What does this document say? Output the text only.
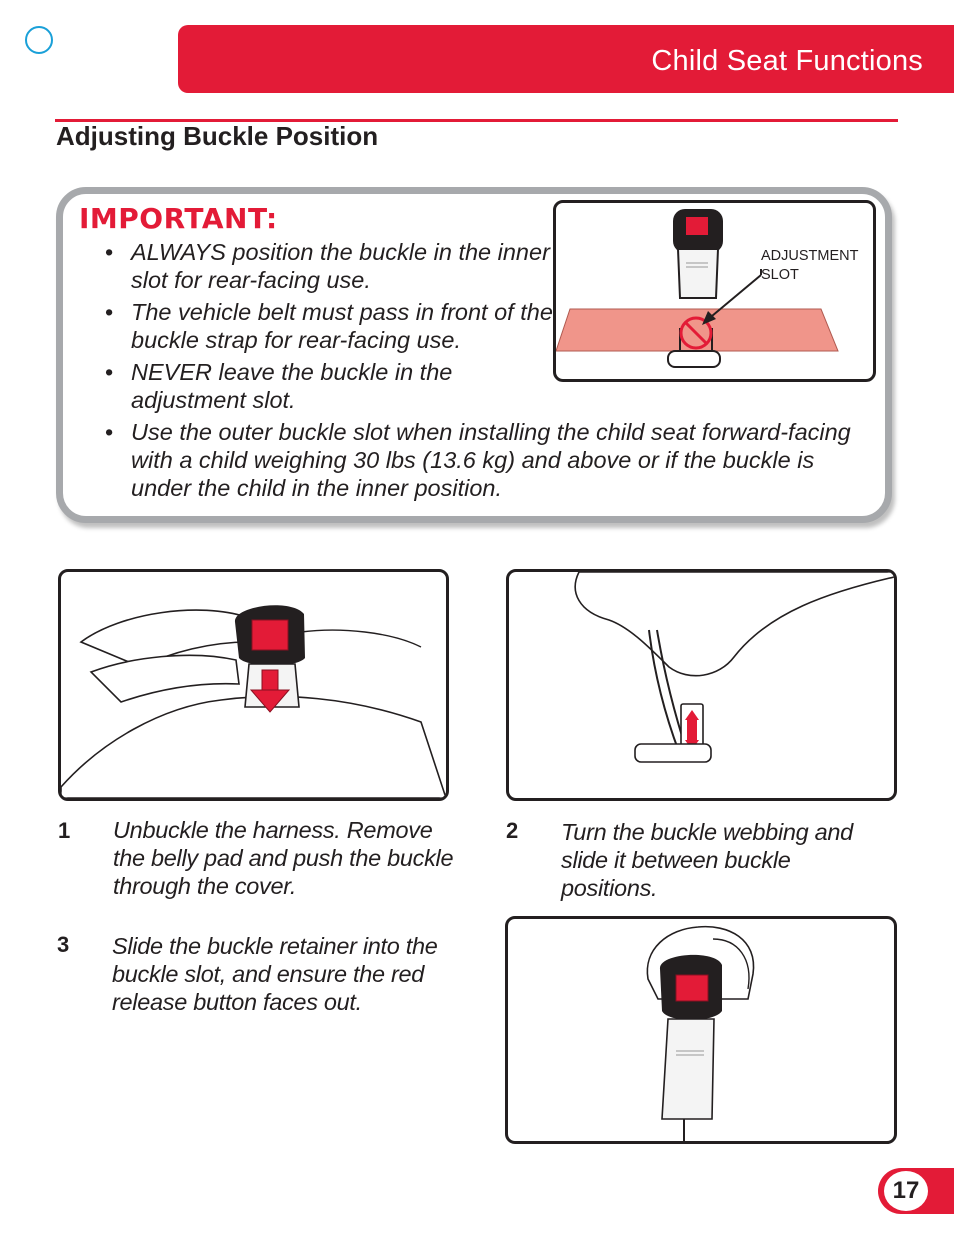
Child Seat Functions
Adjusting Buckle Position
IMPORTANT:
• ALWAYS position the buckle in the inner slot for rear-facing use.
• The vehicle belt must pass in front of the buckle strap for rear-facing use.
• NEVER leave the buckle in the adjustment slot.
• Use the outer buckle slot when installing the child seat forward-facing with a child weighing 30 lbs (13.6 kg) and above or if the buckle is under the child in the inner position.
ADJUSTMENT
SLOT
1 Unbuckle the harness. Remove the belly pad and push the buckle through the cover.
2 Turn the buckle webbing and slide it between buckle positions.
3 Slide the buckle retainer into the buckle slot, and ensure the red release button faces out.
17
